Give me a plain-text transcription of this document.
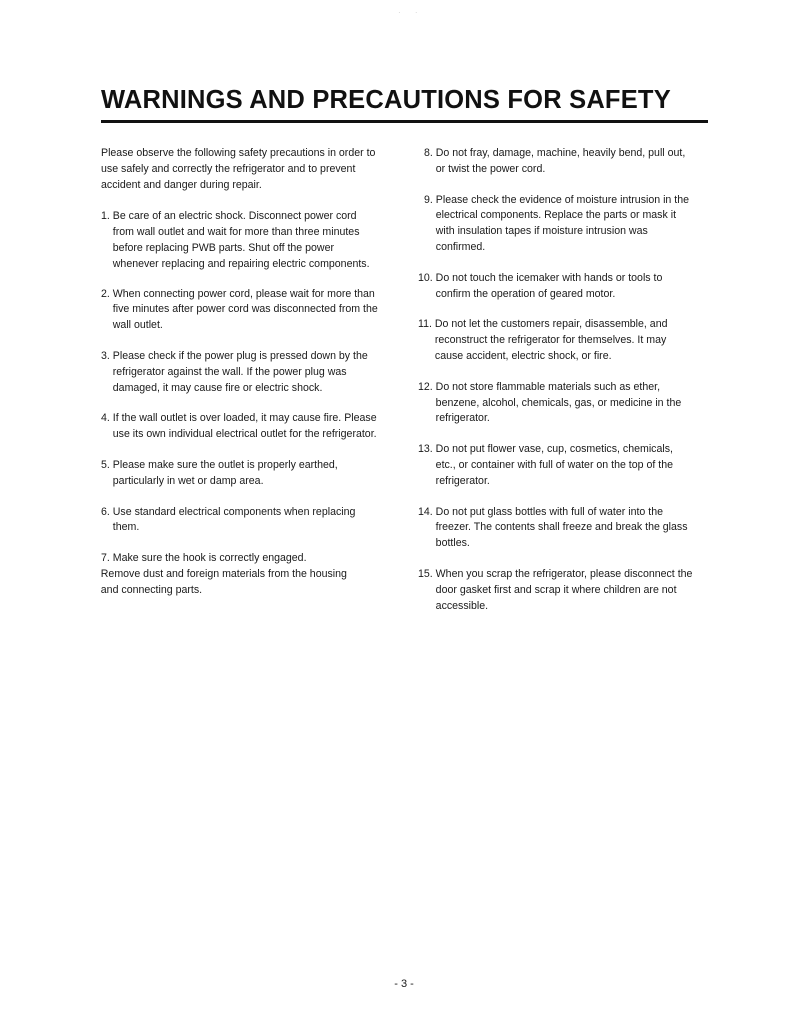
· ·
WARNINGS AND PRECAUTIONS FOR SAFETY

Please observe the following safety precautions in order to
use safely and correctly the refrigerator and to prevent
accident and danger during repair.

1. Be care of an electric shock. Disconnect power cord
from wall outlet and wait for more than three minutes
before replacing PWB parts. Shut off the power
whenever replacing and repairing electric components.
2. When connecting power cord, please wait for more than
five minutes after power cord was disconnected from the
wall outlet.
3. Please check if the power plug is pressed down by the
refrigerator against the wall. If the power plug was
damaged, it may cause fire or electric shock.
4. If the wall outlet is over loaded, it may cause fire. Please
use its own individual electrical outlet for the refrigerator.
5. Please make sure the outlet is properly earthed,
particularly in wet or damp area.
6. Use standard electrical components when replacing
them.
7. Make sure the hook is correctly engaged.
Remove dust and foreign materials from the housing
and connecting parts.
8. Do not fray, damage, machine, heavily bend, pull out,
or twist the power cord.
9. Please check the evidence of moisture intrusion in the
electrical components. Replace the parts or mask it
with insulation tapes if moisture intrusion was
confirmed.
10. Do not touch the icemaker with hands or tools to
confirm the operation of geared motor.
11. Do not let the customers repair, disassemble, and
reconstruct the refrigerator for themselves. It may
cause accident, electric shock, or fire.
12. Do not store flammable materials such as ether,
benzene, alcohol, chemicals, gas, or medicine in the
refrigerator.
13. Do not put flower vase, cup, cosmetics, chemicals,
etc., or container with full of water on the top of the
refrigerator.
14. Do not put glass bottles with full of water into the
freezer. The contents shall freeze and break the glass
bottles.
15. When you scrap the refrigerator, please disconnect the
door gasket first and scrap it where children are not
accessible.
- 3 -
